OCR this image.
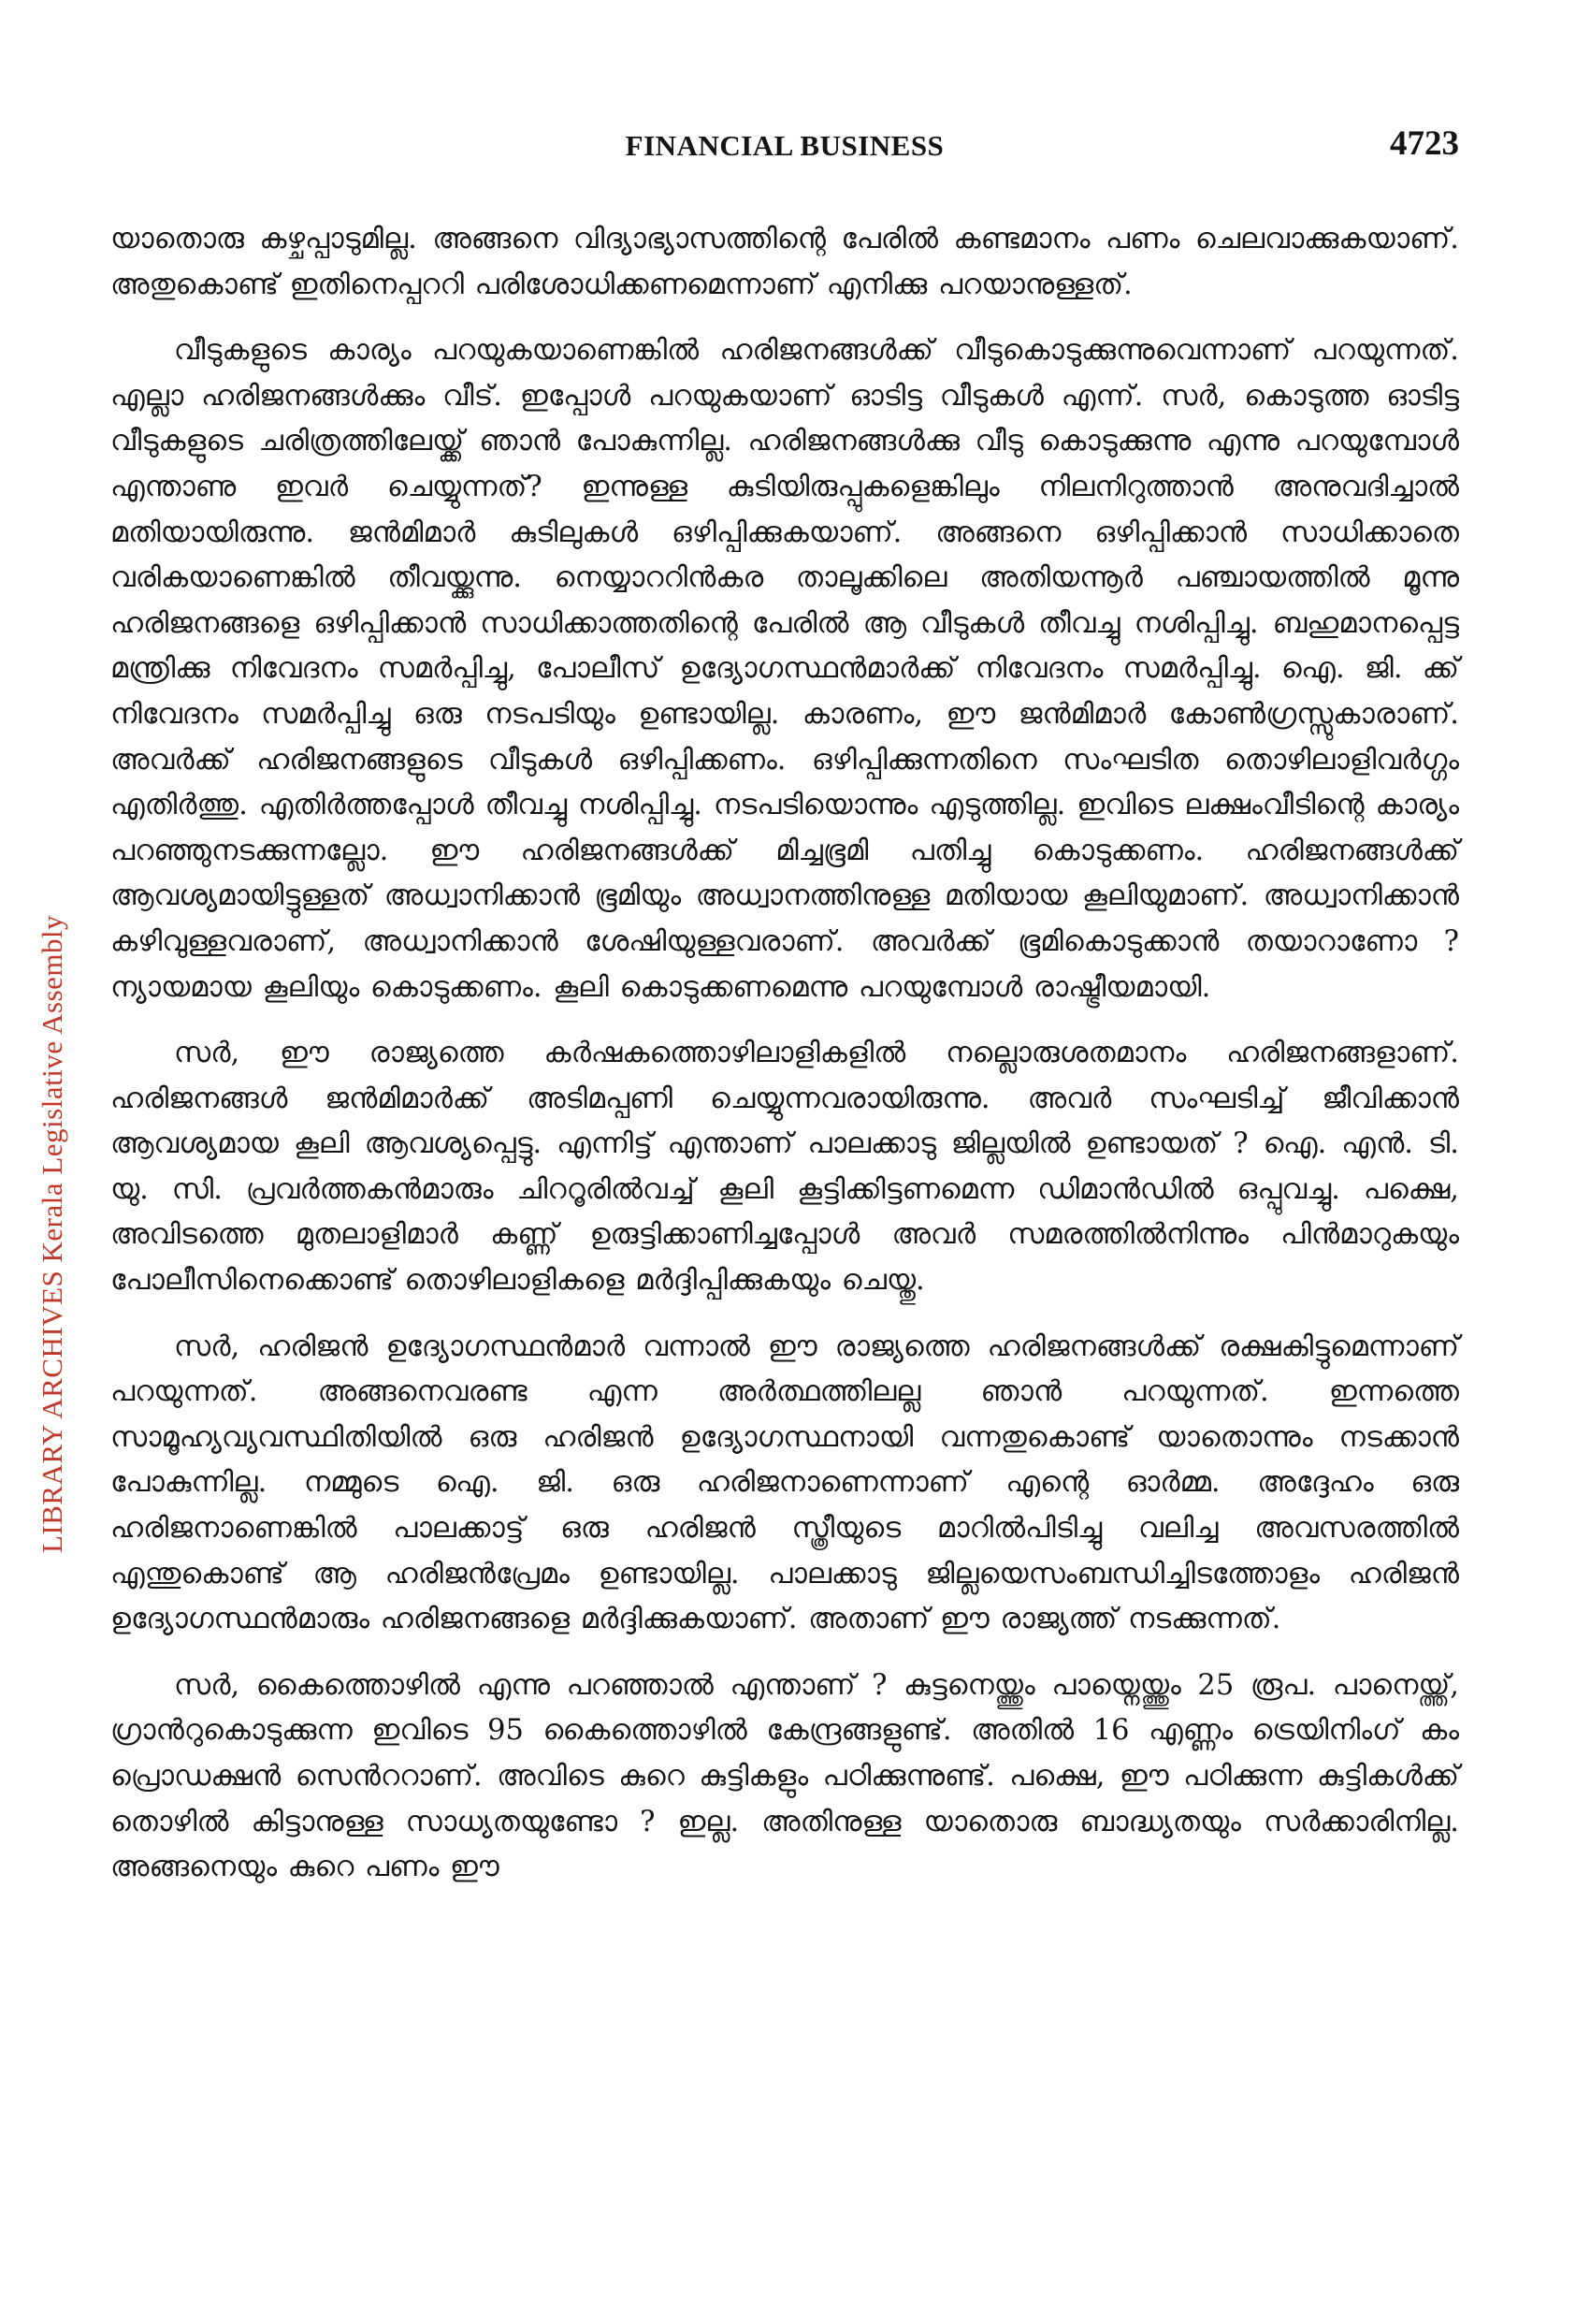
LIBRARY ARCHIVES Kerala Legislative Assembly
FINANCIAL BUSINESS	4723

യാതൊരു കഴ്ചപ്പാടുമില്ല. അങ്ങനെ വിദ്യാഭ്യാസത്തിന്റെ പേരിൽ കണ്ടമാനം പണം ചെലവാക്കുകയാണ്. അതുകൊണ്ട് ഇതിനെപ്പററി പരിശോധിക്കണമെന്നാണ് എനിക്കു പറയാനുള്ളത്.

വീടുകളുടെ കാര്യം പറയുകയാണെങ്കിൽ ഹരിജനങ്ങൾക്ക് വീടുകൊടുക്കുന്നുവെന്നാണ് പറയുന്നത്. എല്ലാ ഹരിജനങ്ങൾക്കും വീട്. ഇപ്പോൾ പറയുകയാണ് ഓടിട്ട വീടുകൾ എന്ന്. സർ, കൊടുത്ത ഓടിട്ട വീടുകളുടെ ചരിത്രത്തിലേയ്ക്ക് ഞാൻ പോകുന്നില്ല. ഹരിജനങ്ങൾക്കു വീടു കൊടുക്കുന്നു എന്നു പറയുമ്പോൾ എന്താണു ഇവർ ചെയ്യുന്നത്? ഇന്നുള്ള കുടിയിരുപ്പുകളെങ്കിലും നിലനിറുത്താൻ അനുവദിച്ചാൽ മതിയായിരുന്നു. ജൻമിമാർ കുടിലുകൾ ഒഴിപ്പിക്കുകയാണ്. അങ്ങനെ ഒഴിപ്പിക്കാൻ സാധിക്കാതെ വരികയാണെങ്കിൽ തീവയ്ക്കുന്നു. നെയ്യാററിൻകര താലൂക്കിലെ അതിയന്നൂർ പഞ്ചായത്തിൽ മൂന്നു ഹരിജനങ്ങളെ ഒഴിപ്പിക്കാൻ സാധിക്കാത്തതിന്റെ പേരിൽ ആ വീടുകൾ തീവച്ചു നശിപ്പിച്ചു. ബഹുമാനപ്പെട്ട മന്ത്രിക്കു നിവേദനം സമർപ്പിച്ചു, പോലീസ് ഉദ്യോഗസ്ഥൻമാർക്ക് നിവേദനം സമർപ്പിച്ചു. ഐ. ജി. ക്ക് നിവേദനം സമർപ്പിച്ചു ഒരു നടപടിയും ഉണ്ടായില്ല. കാരണം, ഈ ജൻമിമാർ കോൺഗ്രസ്സുകാരാണ്. അവർക്ക് ഹരിജനങ്ങളുടെ വീടുകൾ ഒഴിപ്പിക്കണം. ഒഴിപ്പിക്കുന്നതിനെ സംഘടിത തൊഴിലാളിവർഗ്ഗം എതിർത്തു. എതിർത്തപ്പോൾ തീവച്ചു നശിപ്പിച്ചു. നടപടിയൊന്നും എടുത്തില്ല. ഇവിടെ ലക്ഷംവീടിന്റെ കാര്യം പറഞ്ഞുനടക്കുന്നല്ലോ. ഈ ഹരിജനങ്ങൾക്ക് മിച്ചഭൂമി പതിച്ചു കൊടുക്കണം. ഹരിജനങ്ങൾക്ക് ആവശ്യമായിട്ടുള്ളത് അധ്വാനിക്കാൻ ഭൂമിയും അധ്വാനത്തിനുള്ള മതിയായ കൂലിയുമാണ്. അധ്വാനിക്കാൻ കഴിവുള്ളവരാണ്, അധ്വാനിക്കാൻ ശേഷിയുള്ളവരാണ്. അവർക്ക് ഭൂമികൊടുക്കാൻ തയാറാണോ ? ന്യായമായ കൂലിയും കൊടുക്കണം. കൂലി കൊടുക്കണമെന്നു പറയുമ്പോൾ രാഷ്ട്രീയമായി.

സർ, ഈ രാജ്യത്തെ കർഷകത്തൊഴിലാളികളിൽ നല്ലൊരുശതമാനം ഹരിജനങ്ങളാണ്. ഹരിജനങ്ങൾ ജൻമിമാർക്ക് അടിമപ്പണി ചെയ്യുന്നവരായിരുന്നു. അവർ സംഘടിച്ച് ജീവിക്കാൻ ആവശ്യമായ കൂലി ആവശ്യപ്പെട്ടു. എന്നിട്ട് എന്താണ് പാലക്കാടു ജില്ലയിൽ ഉണ്ടായത് ? ഐ. എൻ. ടി. യു. സി. പ്രവർത്തകൻമാരും ചിററൂരിൽവച്ച് കൂലി കൂട്ടിക്കിട്ടണമെന്ന ഡിമാൻഡിൽ ഒപ്പുവച്ചു. പക്ഷെ, അവിടത്തെ മുതലാളിമാർ കണ്ണ് ഉരുട്ടിക്കാണിച്ചപ്പോൾ അവർ സമരത്തിൽനിന്നും പിൻമാറുകയും പോലീസിനെക്കൊണ്ട് തൊഴിലാളികളെ മർദ്ദിപ്പിക്കുകയും ചെയ്തു.

സർ, ഹരിജൻ ഉദ്യോഗസ്ഥൻമാർ വന്നാൽ ഈ രാജ്യത്തെ ഹരിജനങ്ങൾക്ക് രക്ഷകിട്ടുമെന്നാണ് പറയുന്നത്. അങ്ങനെവരണ്ട എന്ന അർത്ഥത്തിലല്ല ഞാൻ പറയുന്നത്. ഇന്നത്തെ സാമൂഹ്യവ്യവസ്ഥിതിയിൽ ഒരു ഹരിജൻ ഉദ്യോഗസ്ഥനായി വന്നതുകൊണ്ട് യാതൊന്നും നടക്കാൻ പോകുന്നില്ല. നമ്മുടെ ഐ. ജി. ഒരു ഹരിജനാണെന്നാണ് എന്റെ ഓർമ്മ. അദ്ദേഹം ഒരു ഹരിജനാണെങ്കിൽ പാലക്കാട്ട് ഒരു ഹരിജൻ സ്ത്രീയുടെ മാറിൽപിടിച്ചു വലിച്ച അവസരത്തിൽ എന്തുകൊണ്ട് ആ ഹരിജൻപ്രേമം ഉണ്ടായില്ല. പാലക്കാടു ജില്ലയെസംബന്ധിച്ചിടത്തോളം ഹരിജൻ ഉദ്യോഗസ്ഥൻമാരും ഹരിജനങ്ങളെ മർദ്ദിക്കുകയാണ്. അതാണ് ഈ രാജ്യത്ത് നടക്കുന്നത്.

സർ, കൈത്തൊഴിൽ എന്നു പറഞ്ഞാൽ എന്താണ് ? കുട്ടനെയ്ത്തും പായ്നെയ്ത്തും 25 രൂപ. പാനെയ്ത്ത്, ഗ്രാൻറുകൊടുക്കുന്ന ഇവിടെ 95 കൈത്തൊഴിൽ കേന്ദ്രങ്ങളുണ്ട്. അതിൽ 16 എണ്ണം ട്രെയിനിംഗ് കം പ്രൊഡക്ഷൻ സെൻററാണ്. അവിടെ കുറെ കുട്ടികളും പഠിക്കുന്നുണ്ട്. പക്ഷെ, ഈ പഠിക്കുന്ന കുട്ടികൾക്ക് തൊഴിൽ കിട്ടാനുള്ള സാധ്യതയുണ്ടോ ? ഇല്ല. അതിനുള്ള യാതൊരു ബാദ്ധ്യതയും സർക്കാരിനില്ല. അങ്ങനെയും കുറെ പണം ഈ
